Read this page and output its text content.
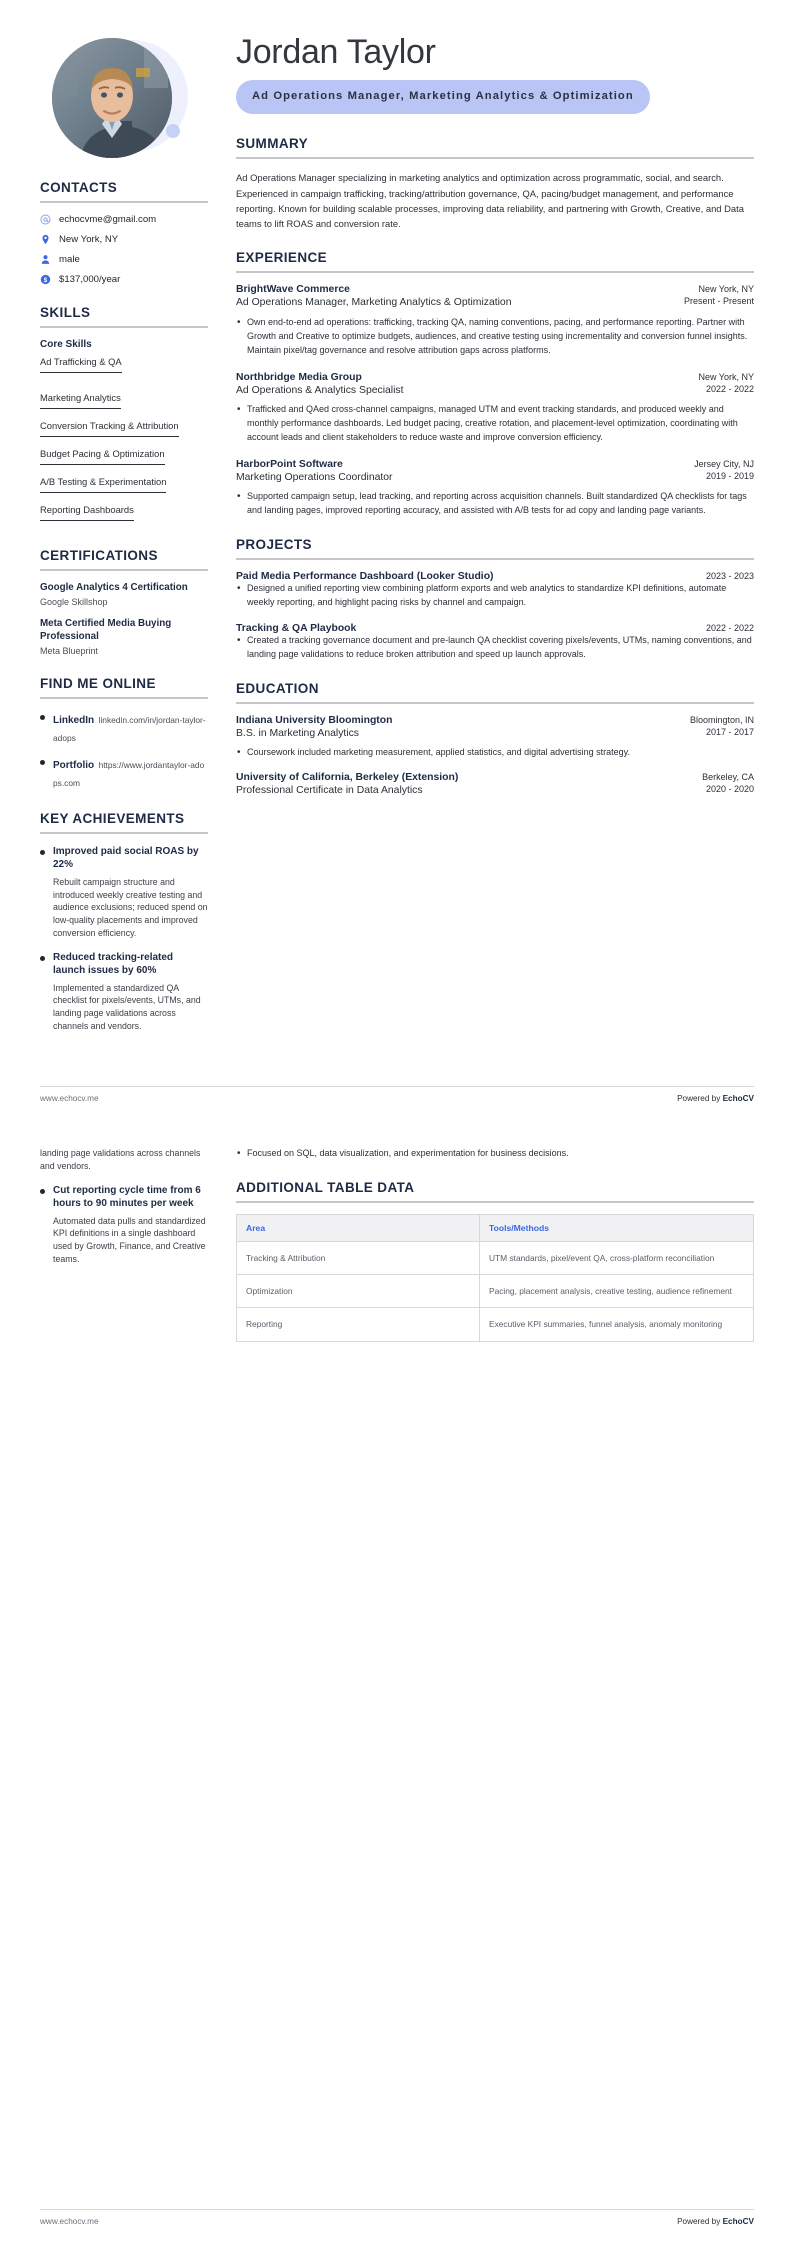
CONTACTS
echocvme@gmail.com
New York, NY
male
$ $137,000/year
SKILLS
Core Skills
Ad Trafficking & QA
Marketing Analytics
Conversion Tracking & Attribution Budget Pacing & Optimization A/B Testing & Experimentation Reporting Dashboards
CERTIFICATIONS
Google Analytics 4 Certification
Google Skillshop
Meta Certified Media Buying Professional
Meta Blueprint
FIND ME ONLINE
LinkedIn linkedin.com/in/jordan-taylor-adops
Portfolio https://www.jordantaylor-adops.com
KEY ACHIEVEMENTS
Improved paid social ROAS by 22%
Rebuilt campaign structure and introduced weekly creative testing and audience exclusions; reduced spend on low-quality placements and improved conversion efficiency.
Reduced tracking-related launch issues by 60%
Implemented a standardized QA checklist for pixels/events, UTMs, and landing page validations across channels and vendors.
Jordan Taylor
Ad Operations Manager, Marketing Analytics & Optimization
SUMMARY

Ad Operations Manager specializing in marketing analytics and optimization across programmatic, social, and search. Experienced in campaign trafficking, tracking/attribution governance, QA, pacing/budget management, and performance reporting. Known for building scalable processes, improving data reliability, and partnering with Growth, Creative, and Data teams to lift ROAS and conversion rate.

EXPERIENCE
BrightWave Commerce	New York, NY
Ad Operations Manager, Marketing Analytics & Optimization	Present - Present
• Own end-to-end ad operations: trafficking, tracking QA, naming conventions, pacing, and performance reporting. Partner with Growth and Creative to optimize budgets, audiences, and creative testing using incrementality and conversion funnel insights. Maintain pixel/tag governance and resolve attribution gaps across platforms.
Northbridge Media Group	New York, NY
Ad Operations & Analytics Specialist	2022 - 2022
• Trafficked and QAed cross-channel campaigns, managed UTM and event tracking standards, and produced weekly and monthly performance dashboards. Led budget pacing, creative rotation, and placement-level optimization, coordinating with account leads and client stakeholders to reduce waste and improve conversion efficiency.
HarborPoint Software	Jersey City, NJ
Marketing Operations Coordinator	2019 - 2019
• Supported campaign setup, lead tracking, and reporting across acquisition channels. Built standardized QA checklists for tags and landing pages, improved reporting accuracy, and assisted with A/B tests for ad copy and landing page variants.
PROJECTS
Paid Media Performance Dashboard (Looker Studio)	2023 - 2023
• Designed a unified reporting view combining platform exports and web analytics to standardize KPI definitions, automate weekly reporting, and highlight pacing risks by channel and campaign.
Tracking & QA Playbook	2022 - 2022
• Created a tracking governance document and pre-launch QA checklist covering pixels/events, UTMs, naming conventions, and landing page validations to reduce broken attribution and speed up launch approvals.
EDUCATION
Indiana University Bloomington	Bloomington, IN
B.S. in Marketing Analytics	2017 - 2017
• Coursework included marketing measurement, applied statistics, and digital advertising strategy.
University of California, Berkeley (Extension)	Berkeley, CA
Professional Certificate in Data Analytics	2020 - 2020
www.echocv.me	Powered by EchoCV
landing page validations across channels and vendors.
Cut reporting cycle time from 6 hours to 90 minutes per week
Automated data pulls and standardized KPI definitions in a single dashboard used by Growth, Finance, and Creative teams.
• Focused on SQL, data visualization, and experimentation for business decisions.
ADDITIONAL TABLE DATA
Area	Tools/Methods
Tracking & Attribution	UTM standards, pixel/event QA, cross-platform reconciliation
Optimization	Pacing, placement analysis, creative testing, audience refinement
Reporting	Executive KPI summaries, funnel analysis, anomaly monitoring
www.echocv.me	Powered by EchoCV
